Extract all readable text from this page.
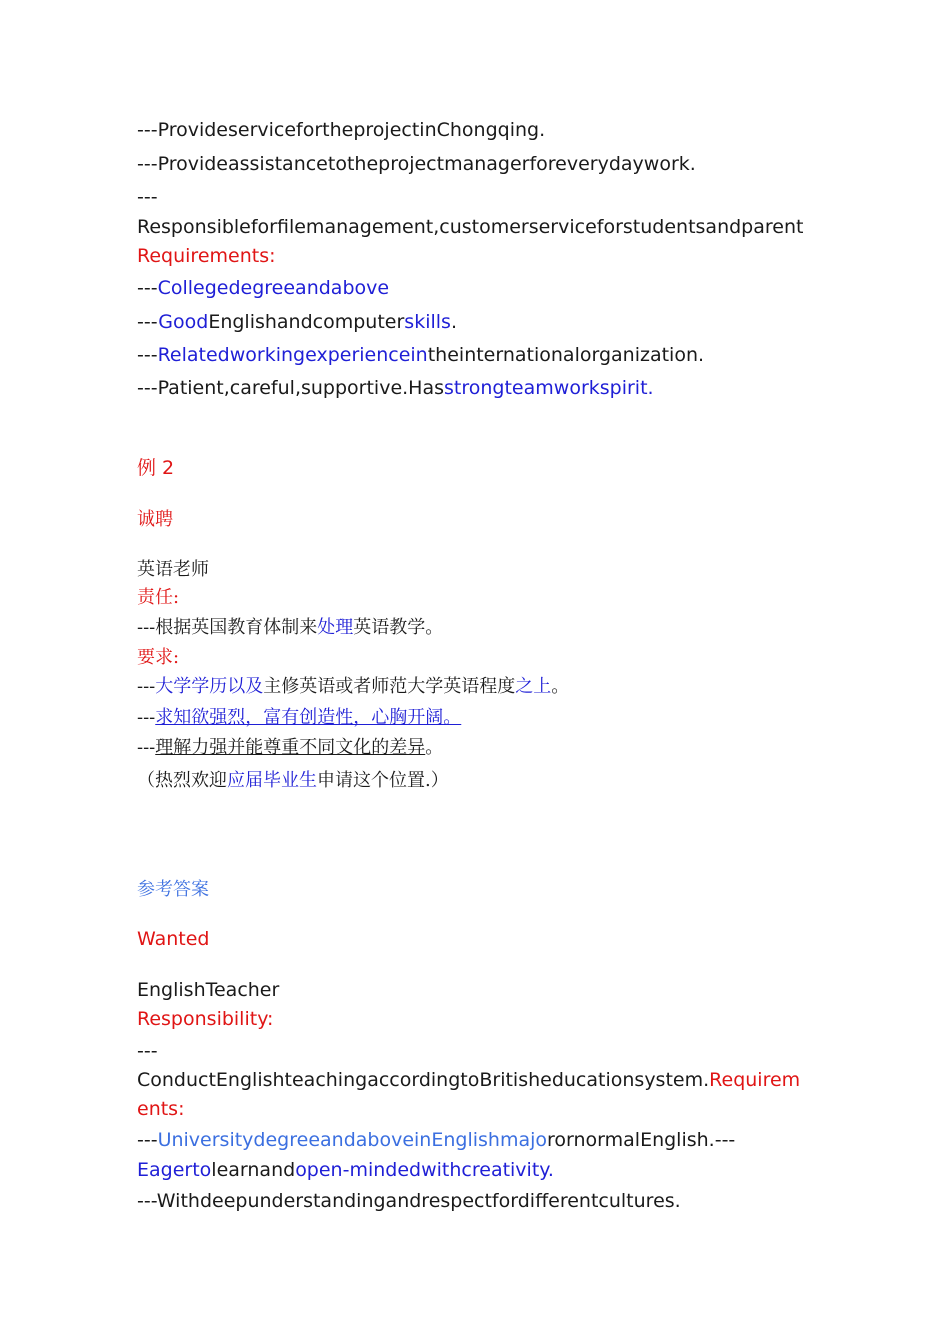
---ProvideservicefortheprojectinChongqing.
---Provideassistancetotheprojectmanagerforeverydaywork.
---
Responsibleforfilemanagement,customerserviceforstudentsandparent
Requirements:
---Collegedegreeandabove
---GoodEnglishandcomputerskills.
---Relatedworkingexperienceintheinternationalorganization.
---Patient,careful,supportive.Hasstrongteamworkspirit.
例 2
诚聘
英语老师
责任:
---根据英国教育体制来处理英语教学。
要求:
---大学学历以及主修英语或者师范大学英语程度之上。
---求知欲强烈，富有创造性，心胸开阔。
---理解力强并能尊重不同文化的差异。
（热烈欢迎应届毕业生申请这个位置.）
参考答案
Wanted
EnglishTeacher
Responsibility:
---
ConductEnglishteachingaccordingtoBritisheducationsystem.Requirem
ents:
---UniversitydegreeandaboveinEnglishmajorornormalEnglish.---
Eagertolearnandopen-mindedwithcreativity.
---Withdeepunderstandingandrespectfordifferentcultures.
